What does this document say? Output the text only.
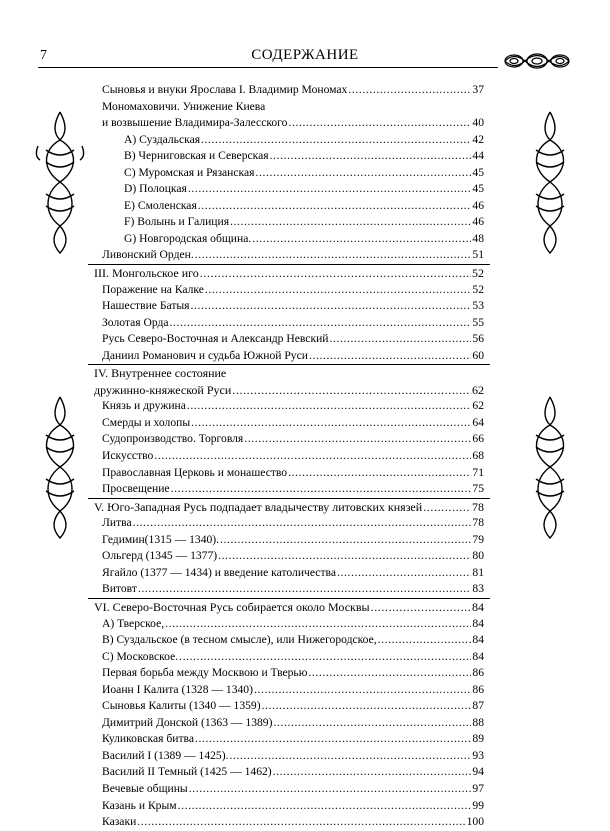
7	СОДЕРЖАНИЕ
Сыновья и внуки Ярослава I. Владимир Мономах .....	37
Мономаховичи. Унижение Киева
и возвышение Владимира-Залесского .....	40
A) Суздальская .....	42
B) Черниговская и Северская .....	44
C) Муромская и Рязанская .....	45
D) Полоцкая .....	45
E) Смоленская .....	46
F) Волынь и Галиция .....	46
G) Новгородская община. .....	48
Ливонский Орден. .....	51
III. Монгольское иго .....	52
Поражение на Калке .....	52
Нашествие Батыя .....	53
Золотая Орда .....	55
Русь Северо-Восточная и Александр Невский .....	56
Даниил Романович и судьба Южной Руси .....	60
IV. Внутреннее состояние
дружинно-княжеской Руси .....	62
Князь и дружина .....	62
Смерды и холопы .....	64
Судопроизводство. Торговля .....	66
Искусство .....	68
Православная Церковь и монашество .....	71
Просвещение .....	75
V. Юго-Западная Русь подпадает владычеству литовских князей .....	78
Литва .....	78
Гедимин(1315 — 1340). .....	79
Ольгерд (1345 — 1377) .....	80
Ягайло (1377 — 1434) и введение католичества .....	81
Витовт .....	83
VI. Северо-Восточная Русь собирается около Москвы .....	84
A) Тверское, .....	84
B) Суздальское (в тесном смысле), или Нижегородское, .....	84
C) Московское. .....	84
Первая борьба между Москвою и Тверью .....	86
Иоанн I Калита (1328 — 1340) .....	86
Сыновья Калиты (1340 — 1359) .....	87
Димитрий Донской (1363 — 1389) .....	88
Куликовская битва .....	89
Василий I (1389 — 1425). .....	93
Василий II Темный (1425 — 1462) .....	94
Вечевые общины .....	97
Казань и Крым .....	99
Казаки .....	100
